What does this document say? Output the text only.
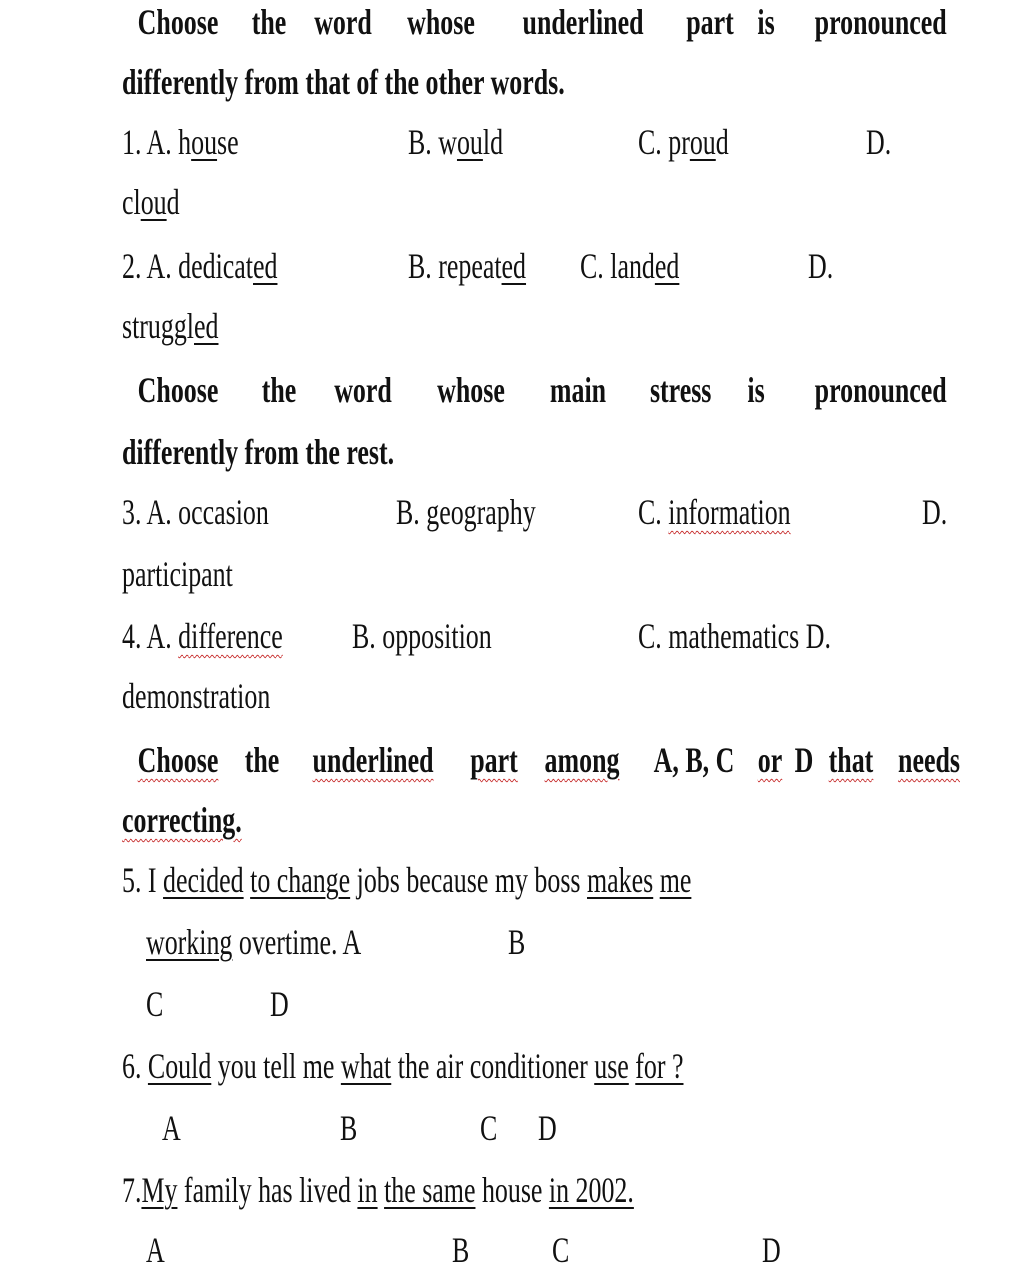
Choose the word whose underlined part is pronounced
differently from that of the other words.
1. A. house	B. would	C. proud	D.
cloud
2. A. dedicated	B. repeated C. landed	D.
struggled
Choose the word whose main stress is pronounced
differently from the rest.
3. A. occasion	B. geography	C. information	D.
participant
4. A. difference B. opposition	C. mathematics D.
demonstration
Choose the underlined part among A, B, C or D that needs
correcting.
5. I decided to change jobs because my boss makes me
working overtime. A	B
C	D
6. Could you tell me what the air conditioner use for ?
A	B	C D
7.My family has lived in the same house in 2002.
A	B C	D
